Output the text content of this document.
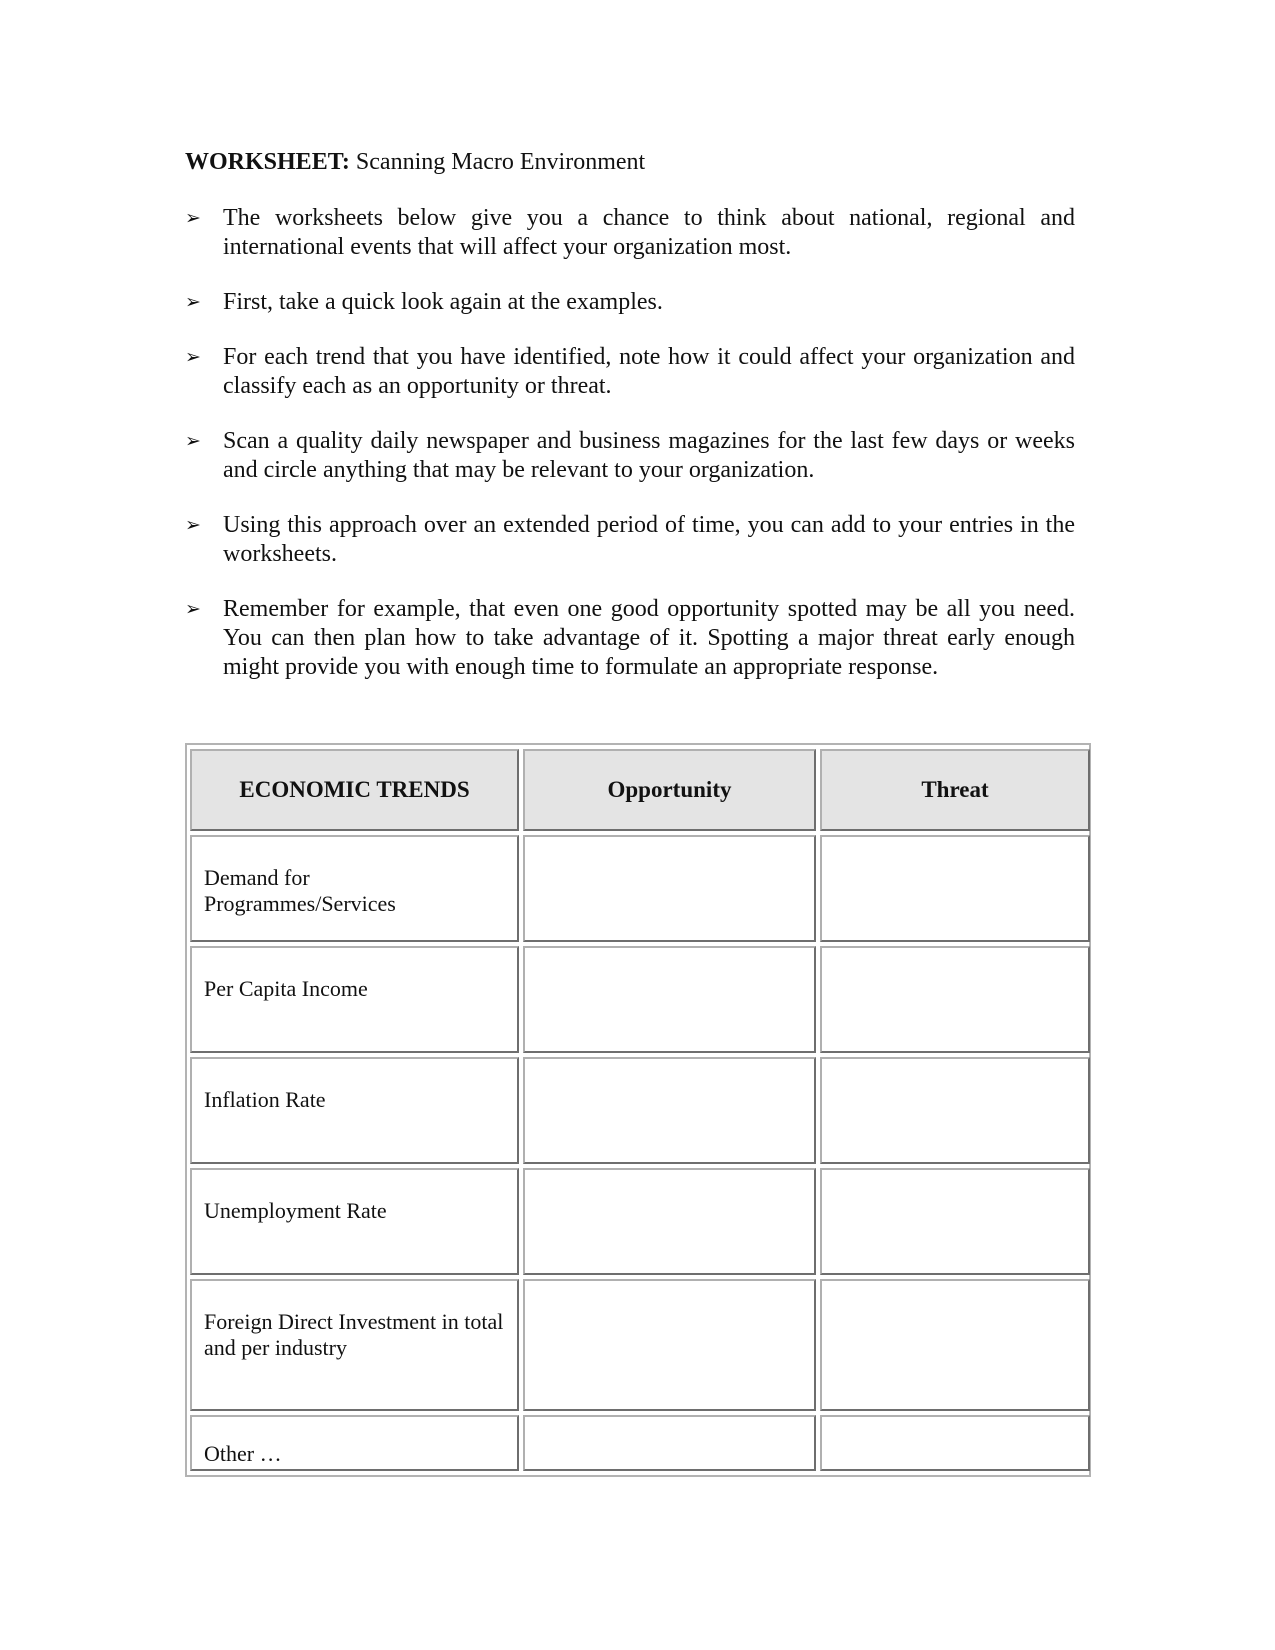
WORKSHEET: Scanning Macro Environment
➢ The worksheets below give you a chance to think about national, regional and international events that will affect your organization most.
➢ First, take a quick look again at the examples.
➢ For each trend that you have identified, note how it could affect your organization and classify each as an opportunity or threat.
➢ Scan a quality daily newspaper and business magazines for the last few days or weeks and circle anything that may be relevant to your organization.
➢ Using this approach over an extended period of time, you can add to your entries in the worksheets.
➢ Remember for example, that even one good opportunity spotted may be all you need. You can then plan how to take advantage of it. Spotting a major threat early enough might provide you with enough time to formulate an appropriate response.
ECONOMIC TRENDS	Opportunity	Threat
Demand for Programmes/Services
Per Capita Income
Inflation Rate
Unemployment Rate
Foreign Direct Investment in total and per industry
Other …
